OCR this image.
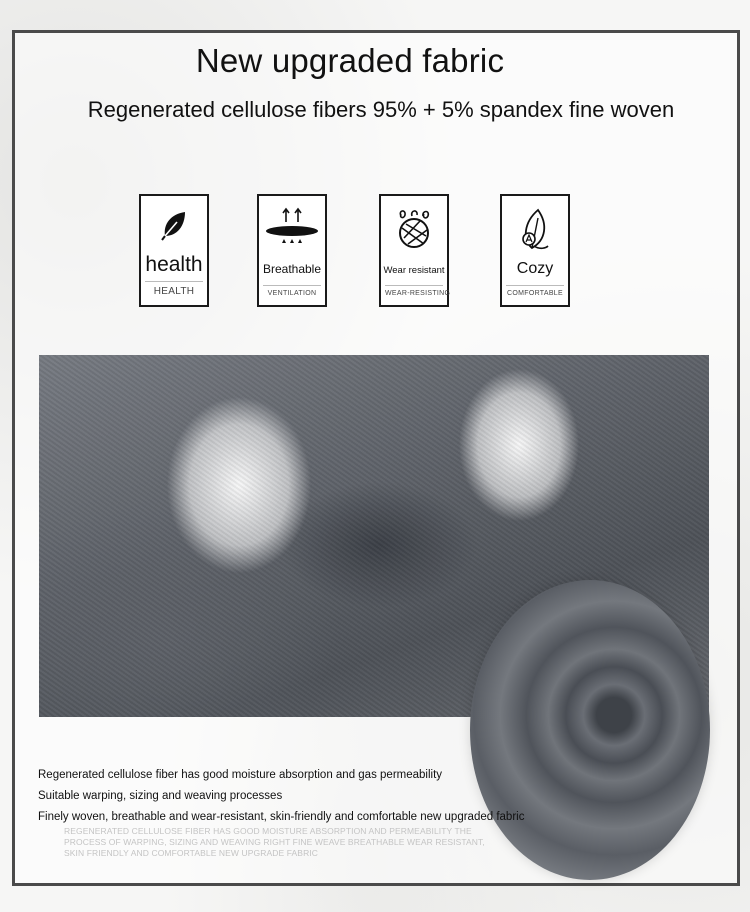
New upgraded fabric
Regenerated cellulose fibers 95% + 5% spandex fine woven
health
HEALTH
Breathable
VENTILATION
Wear resistant
WEAR-RESISTING
Cozy
COMFORTABLE
Regenerated cellulose fiber has good moisture absorption and gas permeability
Suitable warping, sizing and weaving processes
Finely woven, breathable and wear-resistant, skin-friendly and comfortable new upgraded fabric
REGENERATED CELLULOSE FIBER HAS GOOD MOISTURE ABSORPTION AND PERMEABILITY THE PROCESS OF WARPING, SIZING AND WEAVING RIGHT FINE WEAVE BREATHABLE WEAR RESISTANT, SKIN FRIENDLY AND COMFORTABLE NEW UPGRADE FABRIC
